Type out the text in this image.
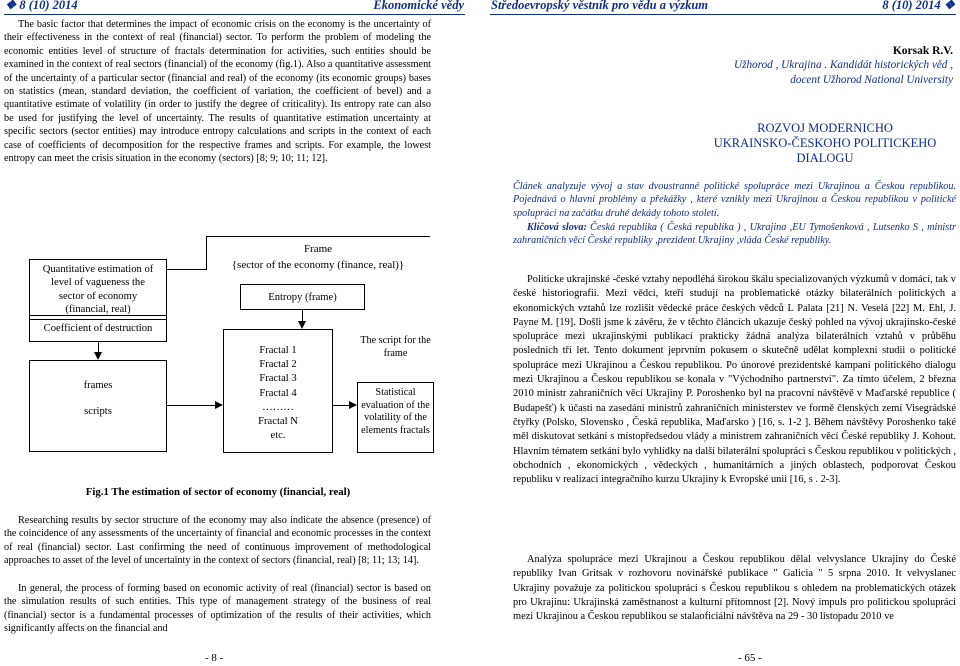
❖ 8 (10) 2014	Ekonomické vědy Středoevropský věstník pro vědu a výzkum	8 (10) 2014 ❖

The basic factor that determines the impact of economic crisis on the economy is the uncertainty of their effectiveness in the context of real (financial) sector. To perform the problem of modeling the economic entities level of structure of fractals determination for activities, such entities should be examined in the context of real sectors (financial) of the economy (fig.1). Also a quantitative assessment of the uncertainty of a particular sector (financial and real) of the economy (its economic groups) bases on statistics (mean, standard deviation, the coefficient of variation, the coefficient of bevel) and a quantitative estimate of volatility (in order to justify the degree of criticality). Its entropy rate can also be used for justifying the level of uncertainty. The results of quantitative estimation uncertainty at specific sectors (sector entities) may introduce entropy calculations and scripts in the context of each case of coefficients of decomposition for the respective frames and scripts. For example, the lowest entropy can meet the crisis situation in the economy (sectors) [8; 9; 10; 11; 12].

Quantitative estimation of level of vagueness the sector of economy (financial, real)
Coefficient of destruction
frames
scripts
Frame
{sector of the economy (finance, real)}
Entropy (frame)
Fractal 1
Fractal 2
Fractal 3
Fractal 4
………
Fractal N
etc.
The script for the frame
Statistical evaluation of the volatility of the elements fractals
Fig.1 The estimation of sector of economy (financial, real)

Researching results by sector structure of the economy may also indicate the absence (presence) of the coincidence of any assessments of the uncertainty of financial and economic processes in the context of real (financial) sector. Last confirming the need of continuous improvement of methodological approaches to asset of the level of uncertainty in the context of sectors (financial, real) [8; 11; 13; 14].

In general, the process of forming based on economic activity of real (financial) sector is based on the simulation results of such entities. This type of management strategy of the business of real (financial) sector is a fundamental processes of optimization of the results of their activities, which significantly affects on the financial and

- 8 -
Korsak R.V.
Užhorod , Ukrajina . Kandidát historických věd ,
docent Užhorod National University
ROZVOJ MODERNICHO
UKRAINSKO-ČESKOHO POLITICKEHO DIALOGU

Článek analyzuje vývoj a stav dvoustranné politické spolupráce mezi Ukrajinou a Českou republikou. Pojednává o hlavní problémy a překážky , které vznikly mezi Ukrajinou a Českou republikou v politické spolupráci na začátku druhé dekády tohoto století.

Klíčová slova: Česká republika ( Česká republika ) , Ukrajina ,EU Tymošenková , Lutsenko S , ministr zahraničních věcí České republiky ,prezident Ukrajiny ,vláda České republiky.

Politicke ukrajinské -české vztahy nepodléhá širokou škálu specializovaných výzkumů v domácí, tak v české historiografii. Mezi vědci, kteří studují na problematické otázky bilaterálních politických a ekonomických vztahů lze rozlišit vědecké práce českých vědců L Palata [21] N. Veselá [22] M. Ehl, J. Payne M. [19]. Došli jsme k závěru, že v těchto článcích ukazuje český pohled na vývoj ukrajinsko-české spolupráce mezi ukrajinskými publikací prakticky žádná analýza bilaterálních vztahů v průběhu posledních tří let. Tento dokument jeprvním pokusem o skutečně udělat komplexní studii o politické spolupráce mezi Ukrajinou a Českou republikou. Po únorové prezidentské kampani politického dialogu mezi Ukrajinou a Českou republikou se konala v "Východního partnerství". Za tímto účelem, 2 března 2010 ministr zahraničních věcí Ukrajiny P. Poroshenko byl na pracovní návštěvě v Maďarské republice ( Budapešť) k účasti na zasedání ministrů zahraničních ministerstev ve formě členských zemí Visegrádské čtyřky (Polsko, Slovensko , Česká republika, Maďarsko ) [16, s. 1-2 ]. Během návštěvy Poroshenko také měl diskutovat setkání s místopředsedou vlády a ministrem zahraničních věcí České republiky J. Kohout. Hlavním tématem setkání bylo vyhlídky na další bilaterální spolupráci s Českou republikou v politických , obchodních , ekonomických , vědeckých , humanitárních a jiných oblastech, podporovat Českou republiku v realizaci integračního kurzu Ukrajiny k Evropské unii [16, s . 2-3].

Analýza spolupráce mezi Ukrajinou a Českou republikou dělal velvyslance Ukrajiny do České republiky Ivan Gritsak v rozhovoru novinářské publikace " Galicia " 5 srpna 2010. It velvyslanec Ukrajiny považuje za politickou spolupráci s Českou republikou s ohledem na problematických otázek pro Ukrajinu: Ukrajinská zaměstnanost a kulturní přítomnost [2]. Nový impuls pro politickou spolupráci mezi Ukrajinou a Českou republikou se stalaoficiální návštěva na 29 - 30 listopadu 2010 ve

- 65 -
